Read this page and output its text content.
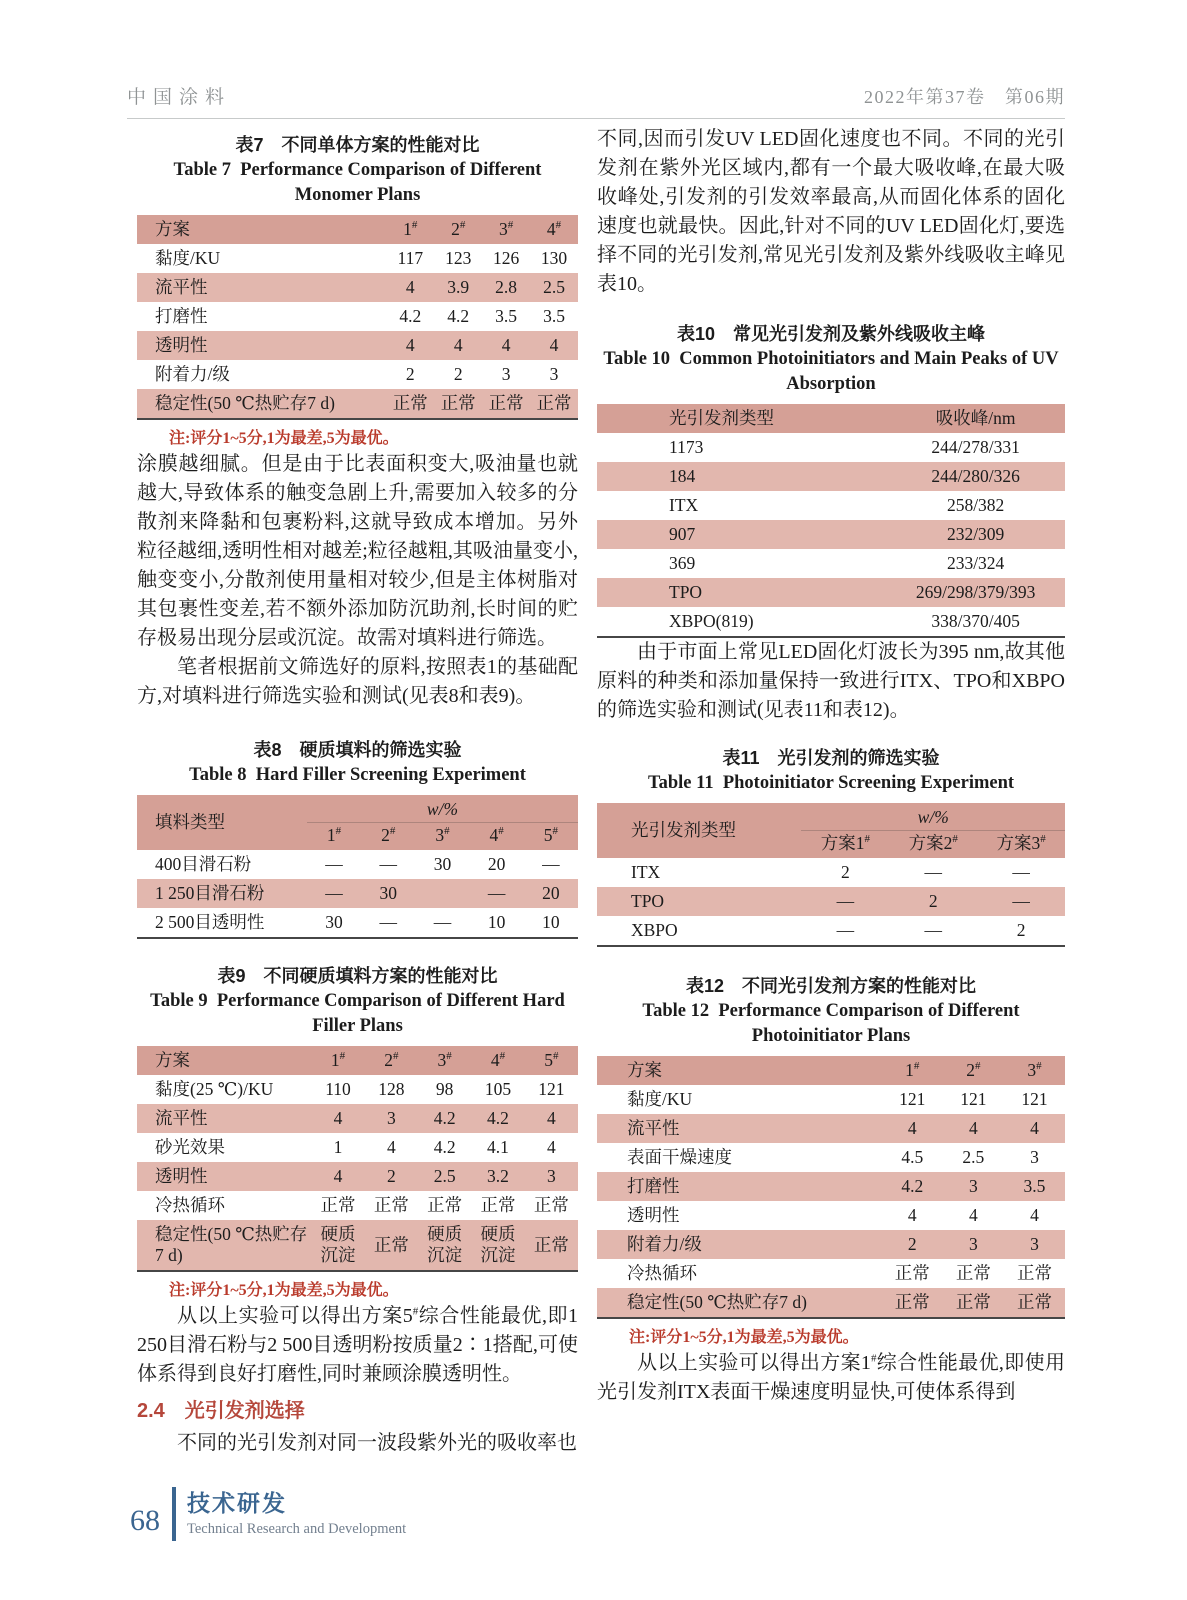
中国涂料	2022年第37卷　第06期
表7　不同单体方案的性能对比
Table 7  Performance Comparison of Different Monomer Plans
方案	1#	2#	3#	4#
黏度/KU	117	123	126	130
流平性	4	3.9	2.8	2.5
打磨性	4.2	4.2	3.5	3.5
透明性	4	4	4	4
附着力/级	2	2	3	3
稳定性(50 ℃热贮存7 d)	正常	正常	正常	正常

注:评分1~5分,1为最差,5为最优。

涂膜越细腻。但是由于比表面积变大,吸油量也就越大,导致体系的触变急剧上升,需要加入较多的分散剂来降黏和包裹粉料,这就导致成本增加。另外粒径越细,透明性相对越差;粒径越粗,其吸油量变小,触变变小,分散剂使用量相对较少,但是主体树脂对其包裹性变差,若不额外添加防沉助剂,长时间的贮存极易出现分层或沉淀。故需对填料进行筛选。

笔者根据前文筛选好的原料,按照表1的基础配方,对填料进行筛选实验和测试(见表8和表9)。

表8　硬质填料的筛选实验
Table 8  Hard Filler Screening Experiment
填料类型	w/%				
	1#	2#	3#	4#	5#
400目滑石粉	—	—	30	20	—
1 250目滑石粉	—	30		—	20
2 500目透明性	30	—	—	10	10
表9　不同硬质填料方案的性能对比
Table 9  Performance Comparison of Different Hard Filler Plans
方案	1#	2#	3#	4#	5#
黏度(25 ℃)/KU	110	128	98	105	121
流平性	4	3	4.2	4.2	4
砂光效果	1	4	4.2	4.1	4
透明性	4	2	2.5	3.2	3
冷热循环	正常	正常	正常	正常	正常
稳定性(50 ℃热贮存7 d)	硬质沉淀	正常	硬质沉淀	硬质沉淀	正常

注:评分1~5分,1为最差,5为最优。

从以上实验可以得出方案5#综合性能最优,即1 250目滑石粉与2 500目透明粉按质量2∶1搭配,可使体系得到良好打磨性,同时兼顾涂膜透明性。

2.4　光引发剂选择

不同的光引发剂对同一波段紫外光的吸收率也

不同,因而引发UV LED固化速度也不同。不同的光引发剂在紫外光区域内,都有一个最大吸收峰,在最大吸收峰处,引发剂的引发效率最高,从而固化体系的固化速度也就最快。因此,针对不同的UV LED固化灯,要选择不同的光引发剂,常见光引发剂及紫外线吸收主峰见表10。

表10　常见光引发剂及紫外线吸收主峰
Table 10  Common Photoinitiators and Main Peaks of UV Absorption
光引发剂类型	吸收峰/nm
1173	244/278/331
184	244/280/326
ITX	258/382
907	232/309
369	233/324
TPO	269/298/379/393
XBPO(819)	338/370/405

由于市面上常见LED固化灯波长为395 nm,故其他原料的种类和添加量保持一致进行ITX、TPO和XBPO的筛选实验和测试(见表11和表12)。

表11　光引发剂的筛选实验
Table 11  Photoinitiator Screening Experiment
光引发剂类型	w/%		
	方案1#	方案2#	方案3#
ITX	2	—	—
TPO	—	2	—
XBPO	—	—	2
表12　不同光引发剂方案的性能对比
Table 12  Performance Comparison of Different Photoinitiator Plans
方案	1#	2#	3#
黏度/KU	121	121	121
流平性	4	4	4
表面干燥速度	4.5	2.5	3
打磨性	4.2	3	3.5
透明性	4	4	4
附着力/级	2	3	3
冷热循环	正常	正常	正常
稳定性(50 ℃热贮存7 d)	正常	正常	正常

注:评分1~5分,1为最差,5为最优。

从以上实验可以得出方案1#综合性能最优,即使用光引发剂ITX表面干燥速度明显快,可使体系得到

68
技术研发
Technical Research and Development
